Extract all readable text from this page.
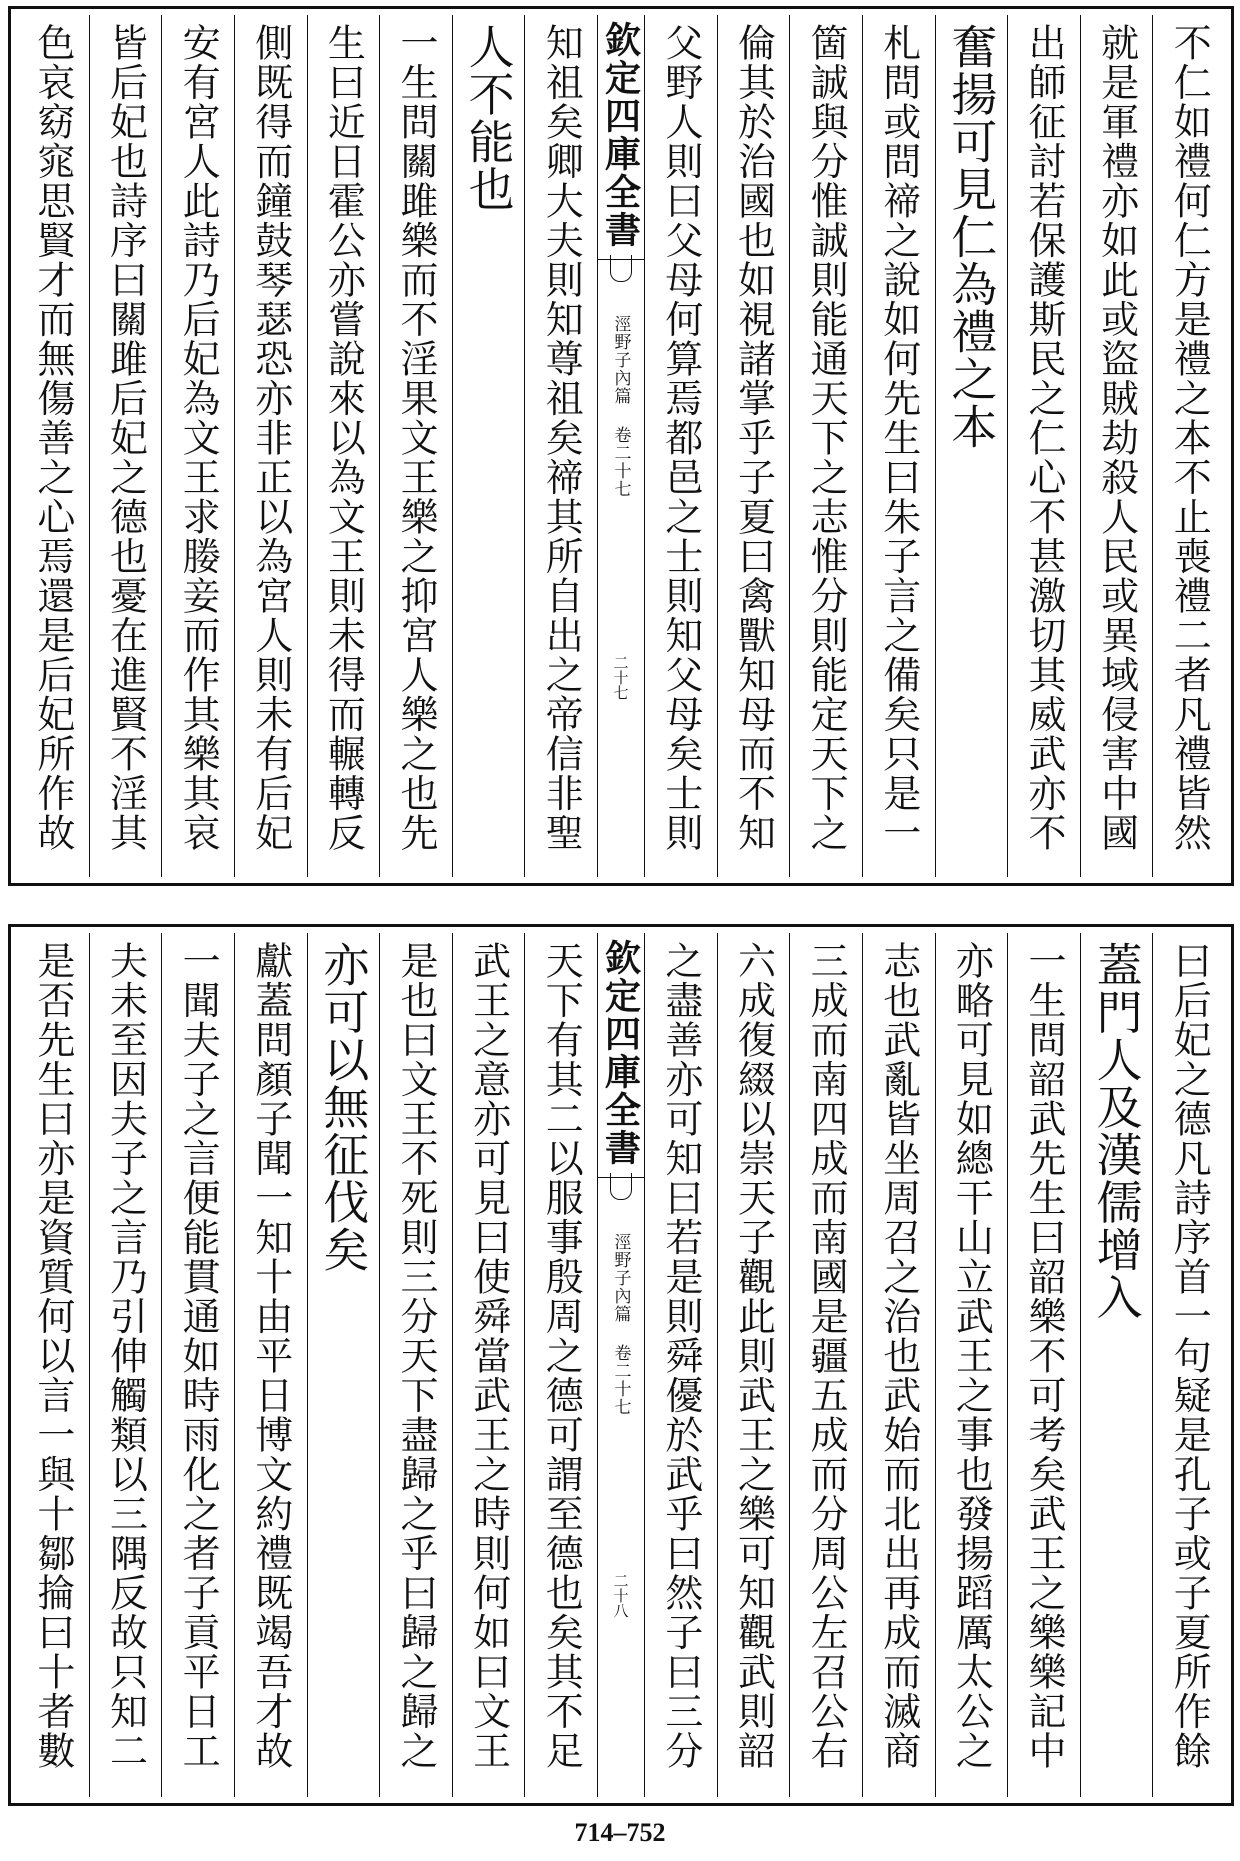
不仁如禮何仁方是禮之本不止喪禮二者凡禮皆然
就是軍禮亦如此或盜賊劫殺人民或異域侵害中國
出師征討若保護斯民之仁心不甚激切其威武亦不
奮揚可見仁為禮之本
札問或問禘之說如何先生曰朱子言之備矣只是一
箇誠與分惟誠則能通天下之志惟分則能定天下之
倫其於治國也如視諸掌乎子夏曰禽獸知母而不知
父野人則曰父母何算焉都邑之士則知父母矣士則
欽定四庫全書
涇野子內篇 卷二十七
二十七
知祖矣卿大夫則知尊祖矣禘其所自出之帝信非聖
人不能也
一生問關雎樂而不淫果文王樂之抑宮人樂之也先
生曰近日霍公亦嘗說來以為文王則未得而輾轉反
側既得而鐘鼓琴瑟恐亦非正以為宮人則未有后妃
安有宮人此詩乃后妃為文王求媵妾而作其樂其哀
皆后妃也詩序曰關雎后妃之德也憂在進賢不淫其
色哀窈窕思賢才而無傷善之心焉還是后妃所作故
曰后妃之德凡詩序首一句疑是孔子或子夏所作餘
蓋門人及漢儒增入
一生問韶武先生曰韶樂不可考矣武王之樂樂記中
亦略可見如總干山立武王之事也發揚蹈厲太公之
志也武亂皆坐周召之治也武始而北出再成而滅商
三成而南四成而南國是疆五成而分周公左召公右
六成復綴以崇天子觀此則武王之樂可知觀武則韶
之盡善亦可知曰若是則舜優於武乎曰然子曰三分
欽定四庫全書
涇野子內篇 卷二十七
二十八
天下有其二以服事殷周之德可謂至德也矣其不足
武王之意亦可見曰使舜當武王之時則何如曰文王
是也曰文王不死則三分天下盡歸之乎曰歸之歸之
亦可以無征伐矣
獻蓋問顏子聞一知十由平日博文約禮既竭吾才故
一聞夫子之言便能貫通如時雨化之者子貢平日工
夫未至因夫子之言乃引伸觸類以三隅反故只知二
是否先生曰亦是資質何以言一與十鄒掄曰十者數
714–752
